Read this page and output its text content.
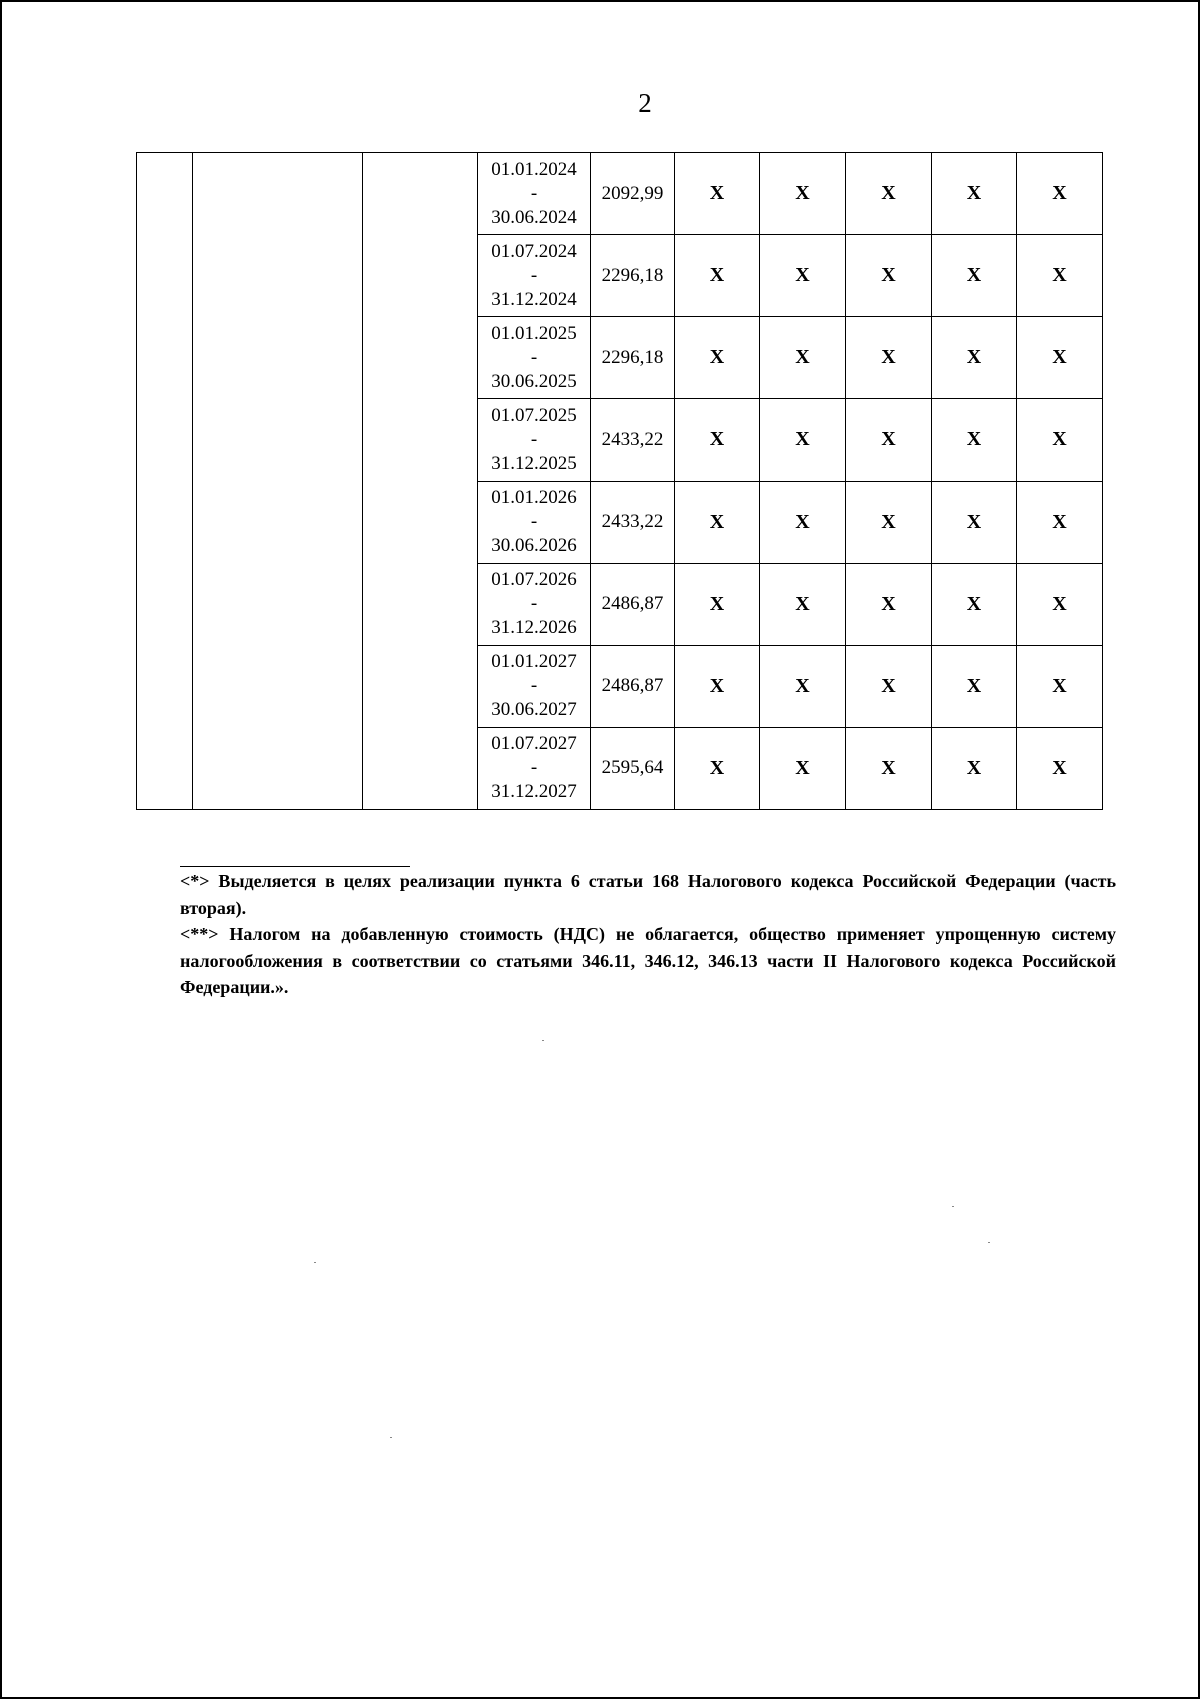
2

			01.01.2024
-
30.06.2024	2092,99	X	X	X	X	X

			01.07.2024
-
31.12.2024	2296,18	X	X	X	X	X

			01.01.2025
-
30.06.2025	2296,18	X	X	X	X	X

			01.07.2025
-
31.12.2025	2433,22	X	X	X	X	X

			01.01.2026
-
30.06.2026	2433,22	X	X	X	X	X

			01.07.2026
-
31.12.2026	2486,87	X	X	X	X	X

			01.01.2027
-
30.06.2027	2486,87	X	X	X	X	X

			01.07.2027
-
31.12.2027	2595,64	X	X	X	X	X

<*> Выделяется в целях реализации пункта 6 статьи 168 Налогового кодекса Российской Федерации (часть вторая).

<**> Налогом на добавленную стоимость (НДС) не облагается, общество применяет упрощенную систему налогообложения в соответствии со статьями 346.11, 346.12, 346.13 части II Налогового кодекса Российской Федерации.».
